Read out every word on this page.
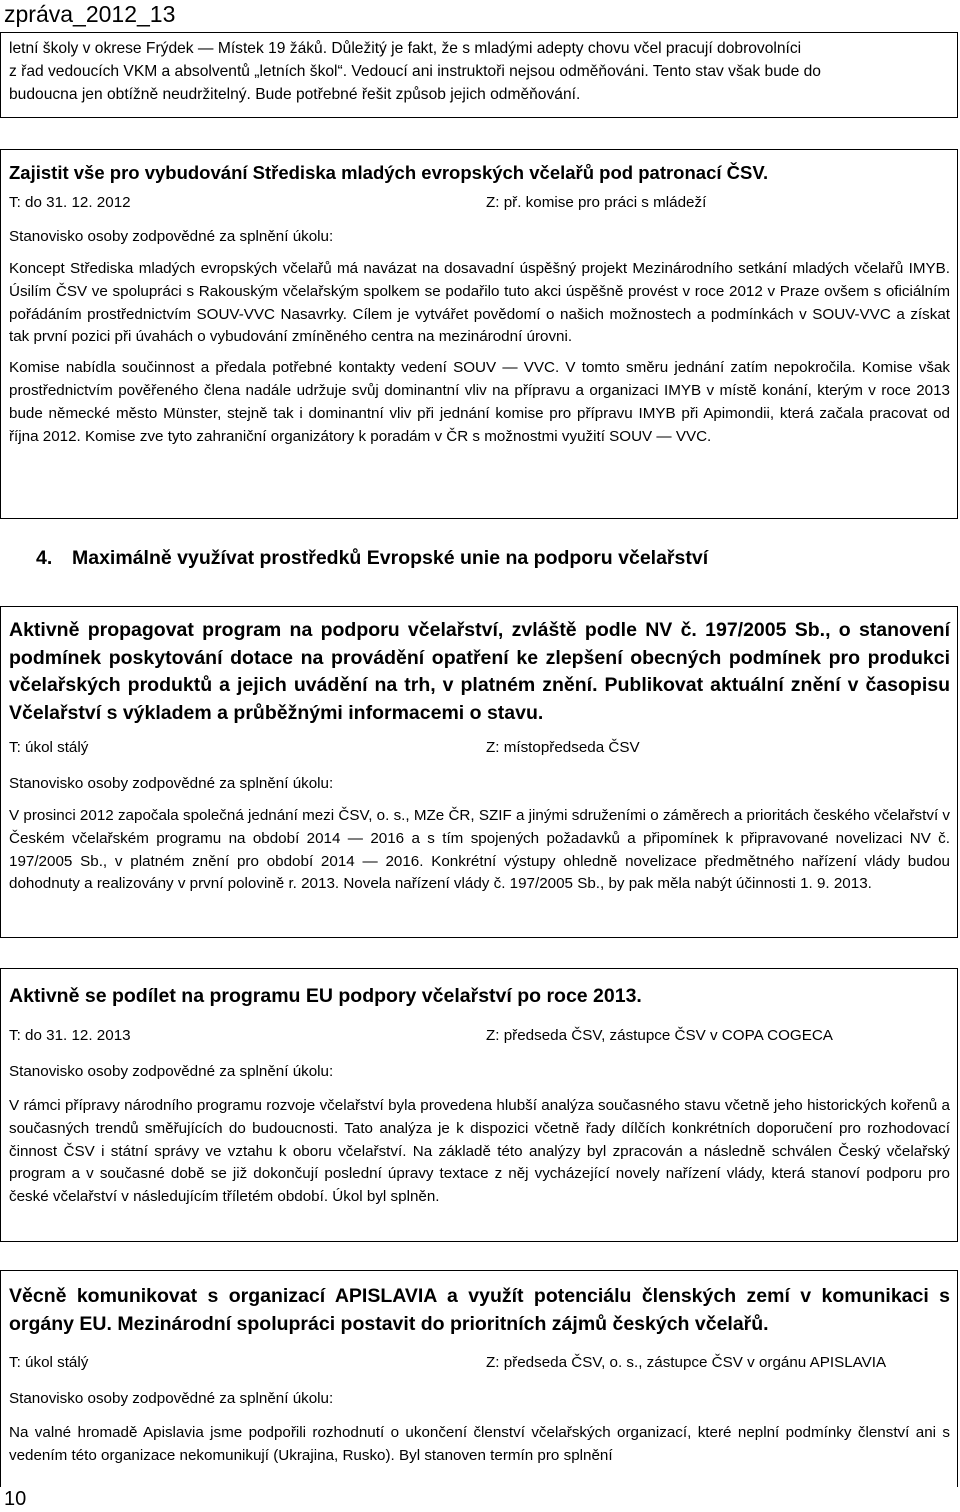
zpráva_2012_13

letní školy v okrese Frýdek — Místek 19 žáků. Důležitý je fakt, že s mladými adepty chovu včel pracují dobrovolníci

z řad vedoucích VKM a absolventů „letních škol“. Vedoucí ani instruktoři nejsou odměňováni. Tento stav však bude do

budoucna jen obtížně neudržitelný. Bude potřebné řešit způsob jejich odměňování.

Zajistit vše pro vybudování Střediska mladých evropských včelařů pod patronací ČSV.
T: do 31. 12. 2012	Z: př. komise pro práci s mládeží
Stanovisko osoby zodpovědné za splnění úkolu:

Koncept Střediska mladých evropských včelařů má navázat na dosavadní úspěšný projekt Mezinárodního setkání mladých včelařů IMYB. Úsilím ČSV ve spolupráci s Rakouským včelařským spolkem se podařilo tuto akci úspěšně provést v roce 2012 v Praze ovšem s oficiálním pořádáním prostřednictvím SOUV-VVC Nasavrky. Cílem je vytvářet povědomí o našich možnostech a podmínkách v SOUV-VVC a získat tak první pozici při úvahách o vybudování zmíněného centra na mezinárodní úrovni.

Komise nabídla součinnost a předala potřebné kontakty vedení SOUV — VVC. V tomto směru jednání zatím nepokročila. Komise však prostřednictvím pověřeného člena nadále udržuje svůj dominantní vliv na přípravu a organizaci IMYB v místě konání, kterým v roce 2013 bude německé město Münster, stejně tak i dominantní vliv při jednání komise pro přípravu IMYB při Apimondii, která začala pracovat od října 2012. Komise zve tyto zahraniční organizátory k poradám v ČR s možnostmi využití SOUV — VVC.

4. Maximálně využívat prostředků Evropské unie na podporu včelařství
Aktivně propagovat program na podporu včelařství, zvláště podle NV č. 197/2005 Sb., o stanovení podmínek poskytování dotace na provádění opatření ke zlepšení obecných podmínek pro produkci včelařských produktů a jejich uvádění na trh, v platném znění. Publikovat aktuální znění v časopisu Včelařství s výkladem a průběžnými informacemi o stavu.
T: úkol stálý	Z: místopředseda ČSV
Stanovisko osoby zodpovědné za splnění úkolu:

V prosinci 2012 započala společná jednání mezi ČSV, o. s., MZe ČR, SZIF a jinými sdruženími o záměrech a prioritách českého včelařství v Českém včelařském programu na období 2014 — 2016 a s tím spojených požadavků a připomínek k připravované novelizaci NV č. 197/2005 Sb., v platném znění pro období 2014 — 2016. Konkrétní výstupy ohledně novelizace předmětného nařízení vlády budou dohodnuty a realizovány v první polovině r. 2013. Novela nařízení vlády č. 197/2005 Sb., by pak měla nabýt účinnosti 1. 9. 2013.

Aktivně se podílet na programu EU podpory včelařství po roce 2013.
T: do 31. 12. 2013	Z: předseda ČSV, zástupce ČSV v COPA COGECA
Stanovisko osoby zodpovědné za splnění úkolu:

V rámci přípravy národního programu rozvoje včelařství byla provedena hlubší analýza současného stavu včetně jeho historických kořenů a současných trendů směřujících do budoucnosti. Tato analýza je k dispozici včetně řady dílčích konkrétních doporučení pro rozhodovací činnost ČSV i státní správy ve vztahu k oboru včelařství. Na základě této analýzy byl zpracován a následně schválen Český včelařský program a v současné době se již dokončují poslední úpravy textace z něj vycházející novely nařízení vlády, která stanoví podporu pro české včelařství v následujícím tříletém období. Úkol byl splněn.

Věcně komunikovat s organizací APISLAVIA a využít potenciálu členských zemí v komunikaci s orgány EU. Mezinárodní spolupráci postavit do prioritních zájmů českých včelařů.
T: úkol stálý	Z: předseda ČSV, o. s., zástupce ČSV v orgánu APISLAVIA
Stanovisko osoby zodpovědné za splnění úkolu:

Na valné hromadě Apislavia jsme podpořili rozhodnutí o ukončení členství včelařských organizací, které neplní podmínky členství ani s vedením této organizace nekomunikují (Ukrajina, Rusko). Byl stanoven termín pro splnění

10
